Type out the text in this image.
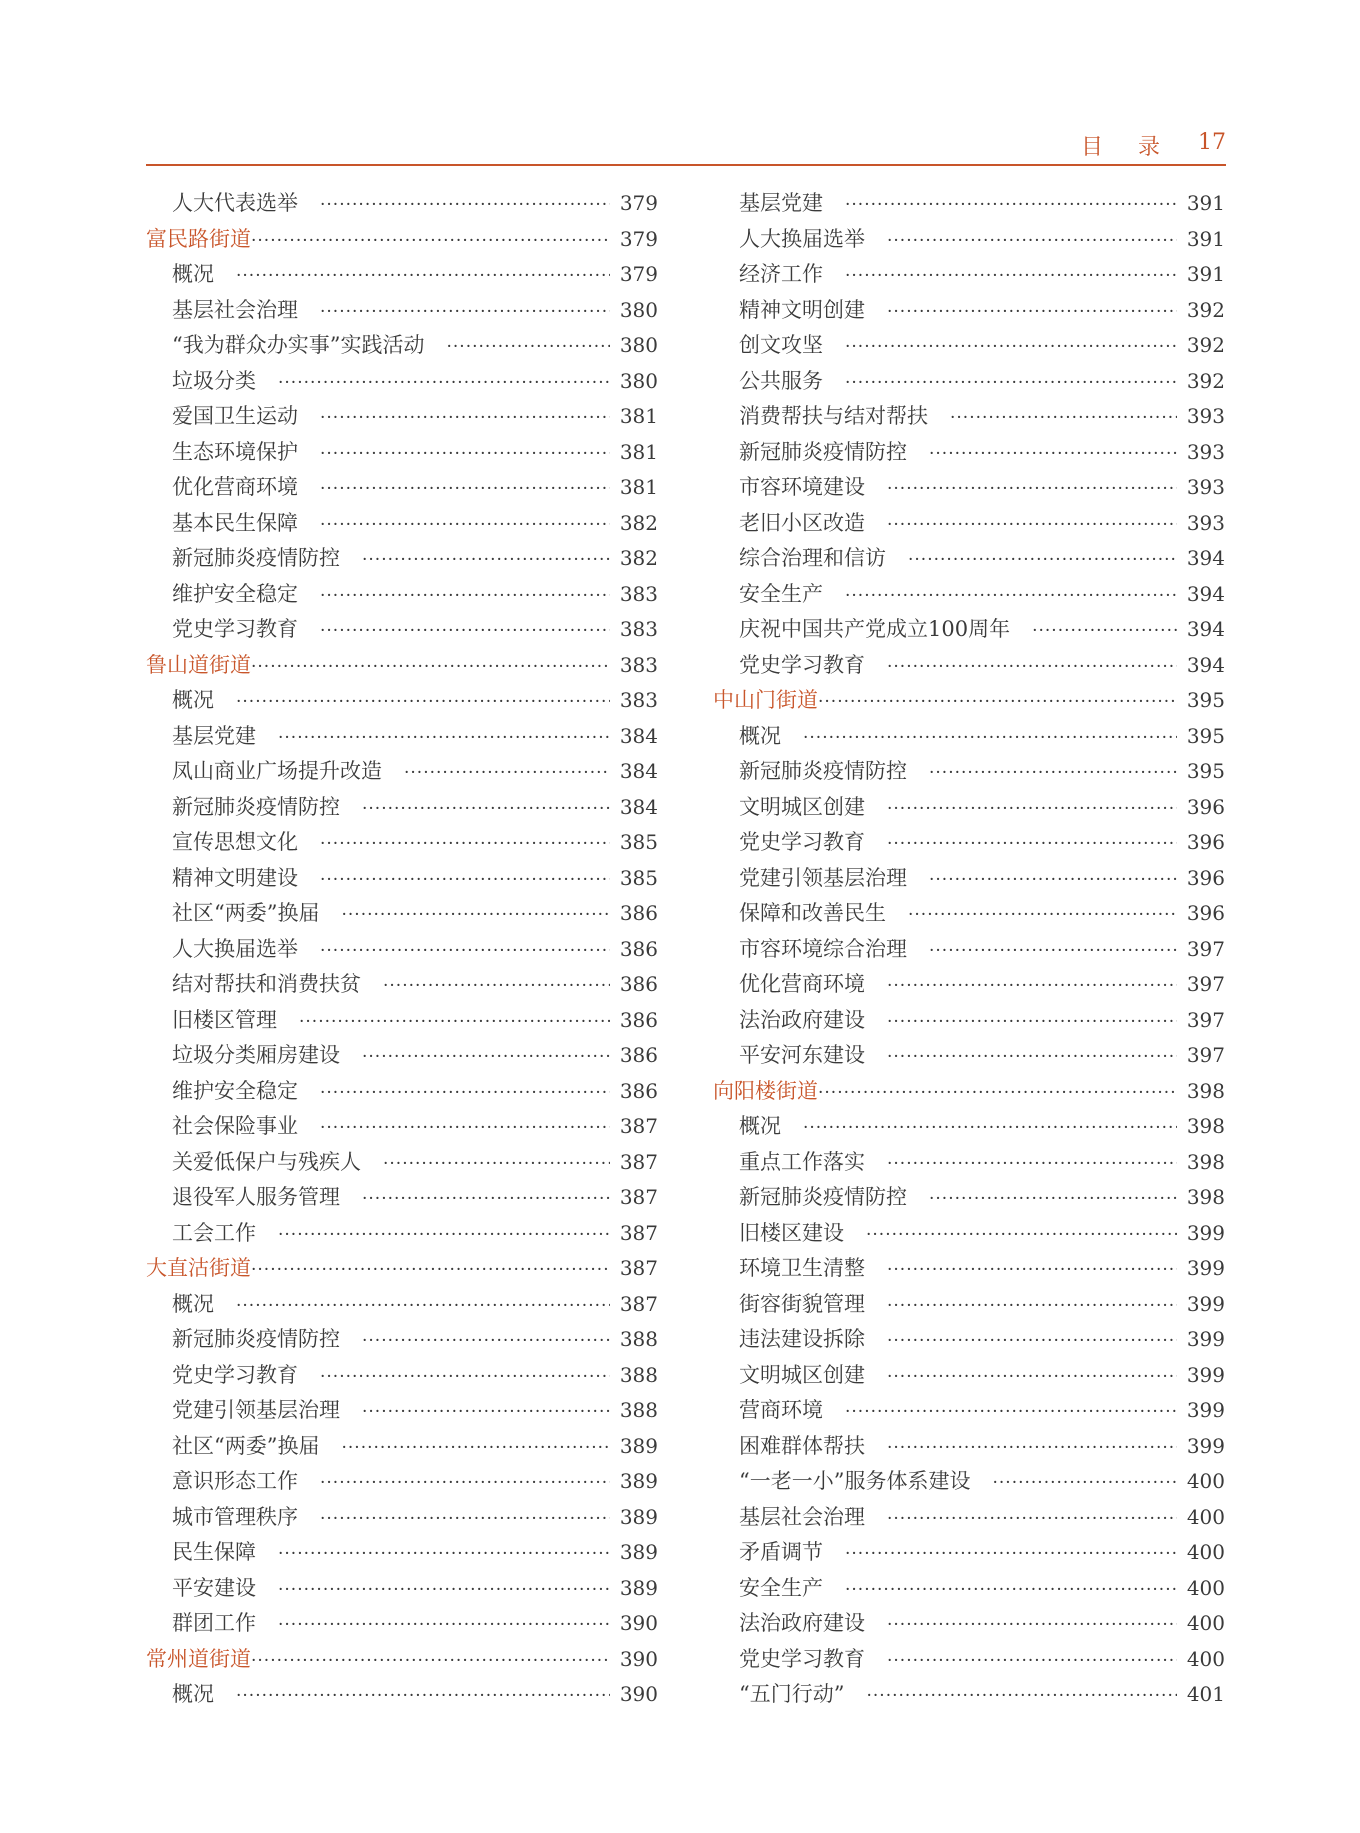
目 录 17
人大代表选举 ·····	379
富民路街道 ·····	379
概况 ·····	379
基层社会治理 ·····	380
“我为群众办实事”实践活动 ·····	380
垃圾分类 ·····	380
爱国卫生运动 ·····	381
生态环境保护 ·····	381
优化营商环境 ·····	381
基本民生保障 ·····	382
新冠肺炎疫情防控 ·····	382
维护安全稳定 ·····	383
党史学习教育 ·····	383
鲁山道街道 ·····	383
概况 ·····	383
基层党建 ·····	384
凤山商业广场提升改造 ·····	384
新冠肺炎疫情防控 ·····	384
宣传思想文化 ·····	385
精神文明建设 ·····	385
社区“两委”换届 ·····	386
人大换届选举 ·····	386
结对帮扶和消费扶贫 ·····	386
旧楼区管理 ·····	386
垃圾分类厢房建设 ·····	386
维护安全稳定 ·····	386
社会保险事业 ·····	387
关爱低保户与残疾人 ·····	387
退役军人服务管理 ·····	387
工会工作 ·····	387
大直沽街道 ·····	387
概况 ·····	387
新冠肺炎疫情防控 ·····	388
党史学习教育 ·····	388
党建引领基层治理 ·····	388
社区“两委”换届 ·····	389
意识形态工作 ·····	389
城市管理秩序 ·····	389
民生保障 ·····	389
平安建设 ·····	389
群团工作 ·····	390
常州道街道 ·····	390
概况 ·····	390
基层党建 ·····	391
人大换届选举 ·····	391
经济工作 ·····	391
精神文明创建 ·····	392
创文攻坚 ·····	392
公共服务 ·····	392
消费帮扶与结对帮扶 ·····	393
新冠肺炎疫情防控 ·····	393
市容环境建设 ·····	393
老旧小区改造 ·····	393
综合治理和信访 ·····	394
安全生产 ·····	394
庆祝中国共产党成立100周年 ·····	394
党史学习教育 ·····	394
中山门街道 ·····	395
概况 ·····	395
新冠肺炎疫情防控 ·····	395
文明城区创建 ·····	396
党史学习教育 ·····	396
党建引领基层治理 ·····	396
保障和改善民生 ·····	396
市容环境综合治理 ·····	397
优化营商环境 ·····	397
法治政府建设 ·····	397
平安河东建设 ·····	397
向阳楼街道 ·····	398
概况 ·····	398
重点工作落实 ·····	398
新冠肺炎疫情防控 ·····	398
旧楼区建设 ·····	399
环境卫生清整 ·····	399
街容街貌管理 ·····	399
违法建设拆除 ·····	399
文明城区创建 ·····	399
营商环境 ·····	399
困难群体帮扶 ·····	399
“一老一小”服务体系建设 ·····	400
基层社会治理 ·····	400
矛盾调节 ·····	400
安全生产 ·····	400
法治政府建设 ·····	400
党史学习教育 ·····	400
“五门行动” ·····	401
